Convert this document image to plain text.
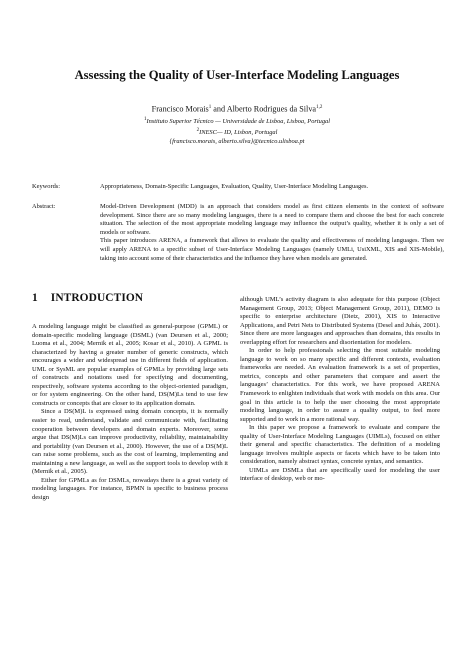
Assessing the Quality of User-Interface Modeling Languages
Francisco Morais$^1$ and Alberto Rodrigues da Silva$^{1,2}$
$^1$Instituto Superior Técnico — Universidade de Lisboa, Lisboa, Portugal
$^2$INESC— ID, Lisbon, Portugal
{francisco.morais, alberto.silva}@tecnico.ulisboa.pt
Keywords:	Appropriateness, Domain-Specific Languages, Evaluation, Quality, User-Interface Modeling Languages.
Abstract:	Model-Driven Development (MDD) is an approach that considers model as first citizen elements in the context of software development. Since there are so many modeling languages, there is a need to compare them and choose the best for each concrete situation. The selection of the most appropriate modeling language may influence the output’s quality, whether it is only a set of models or software.

This paper introduces ARENA, a framework that allows to evaluate the quality and effectiveness of modeling languages. Then we will apply ARENA to a specific subset of User-Interface Modeling Languages (namely UMLi, UsiXML, XIS and XIS-Mobile), taking into account some of their characteristics and the influence they have when models are generated.

1 INTRODUCTION

A modeling language might be classified as general-purpose (GPML) or domain-specific modeling language (DSML) (van Deursen et al., 2000; Luoma et al., 2004; Mernik et al., 2005; Kosar et al., 2010). A GPML is characterized by having a greater number of generic constructs, which encourages a wider and widespread use in different fields of application. UML or SysML are popular examples of GPMLs by providing large sets of constructs and notations used for specifying and documenting, respectively, software systems according to the object-oriented paradigm, or for system engineering. On the other hand, DS(M)Ls tend to use few constructs or concepts that are closer to its application domain.

Since a DS(M)L is expressed using domain concepts, it is normally easier to read, understand, validate and communicate with, facilitating cooperation between developers and domain experts. Moreover, some argue that DS(M)Ls can improve productivity, reliability, maintainability and portability (van Deursen et al., 2000). However, the use of a DS(M)L can raise some problems, such as the cost of learning, implementing and maintaining a new language, as well as the support tools to develop with it (Mernik et al., 2005).

Either for GPMLs as for DSMLs, nowadays there is a great variety of modeling languages. For instance, BPMN is specific to business process design

although UML’s activity diagram is also adequate for this purpose (Object Management Group, 2013; Object Management Group, 2011), DEMO is specific to enterprise architecture (Dietz, 2001), XIS to Interactive Applications, and Petri Nets to Distributed Systems (Desel and Juhás, 2001). Since there are more languages and approaches than domains, this results in overlapping effort for researchers and disorientation for modelers.

In order to help professionals selecting the most suitable modeling language to work on so many specific and different contexts, evaluation frameworks are needed. An evaluation framework is a set of properties, metrics, concepts and other parameters that compare and assert the languages’ characteristics. For this work, we have proposed ARENA Framework to enlighten individuals that work with models on this area. Our goal in this article is to help the user choosing the most appropriate modeling language, in order to assure a quality output, to feel more supported and to work in a more rational way.

In this paper we propose a framework to evaluate and compare the quality of User-Interface Modeling Languages (UIMLs), focused on either their general and specific characteristics. The definition of a modeling language involves multiple aspects or facets which have to be taken into consideration, namely abstract syntax, concrete syntax, and semantics.

UIMLs are DSMLs that are specifically used for modeling the user interface of desktop, web or mo-
